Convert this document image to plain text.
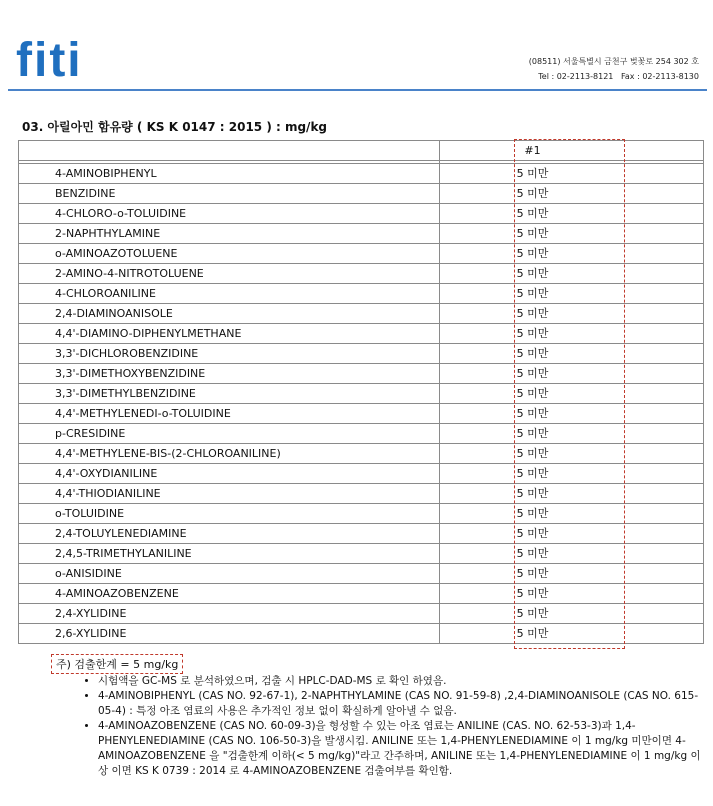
fiti	(08511) 서울특별시 금천구 벚꽃로 254 302 호
Tel : 02-2113-8121 Fax : 02-2113-8130
03. 아릴아민 함유량 ( KS K 0147 : 2015 ) : mg/kg
	#1

4-AMINOBIPHENYL	5 미만
BENZIDINE	5 미만
4-CHLORO-o-TOLUIDINE	5 미만
2-NAPHTHYLAMINE	5 미만
o-AMINOAZOTOLUENE	5 미만
2-AMINO-4-NITROTOLUENE	5 미만
4-CHLOROANILINE	5 미만
2,4-DIAMINOANISOLE	5 미만
4,4'-DIAMINO-DIPHENYLMETHANE	5 미만
3,3'-DICHLOROBENZIDINE	5 미만
3,3'-DIMETHOXYBENZIDINE	5 미만
3,3'-DIMETHYLBENZIDINE	5 미만
4,4'-METHYLENEDI-o-TOLUIDINE	5 미만
p-CRESIDINE	5 미만
4,4'-METHYLENE-BIS-(2-CHLOROANILINE)	5 미만
4,4'-OXYDIANILINE	5 미만
4,4'-THIODIANILINE	5 미만
o-TOLUIDINE	5 미만
2,4-TOLUYLENEDIAMINE	5 미만
2,4,5-TRIMETHYLANILINE	5 미만
o-ANISIDINE	5 미만
4-AMINOAZOBENZENE	5 미만
2,4-XYLIDINE	5 미만
2,6-XYLIDINE	5 미만
주) 검출한계 = 5 mg/kg
• 시험액을 GC-MS 로 분석하였으며, 검출 시 HPLC-DAD-MS 로 확인 하였음.
• 4-AMINOBIPHENYL (CAS NO. 92-67-1), 2-NAPHTHYLAMINE (CAS NO. 91-59-8) ,2,4-DIAMINOANISOLE (CAS NO. 615-05-4) : 특정 아조 염료의 사용은 추가적인 정보 없이 확실하게 알아낼 수 없음.
• 4-AMINOAZOBENZENE (CAS NO. 60-09-3)을 형성할 수 있는 아조 염료는 ANILINE (CAS. NO. 62-53-3)과 1,4-PHENYLENEDIAMINE (CAS NO. 106-50-3)을 발생시킴. ANILINE 또는 1,4-PHENYLENEDIAMINE 이 1 mg/kg 미만이면 4-AMINOAZOBENZENE 을 "검출한계 이하(< 5 mg/kg)"라고 간주하며, ANILINE 또는 1,4-PHENYLENEDIAMINE 이 1 mg/kg 이상 이면 KS K 0739 : 2014 로 4-AMINOAZOBENZENE 검출여부를 확인함.
